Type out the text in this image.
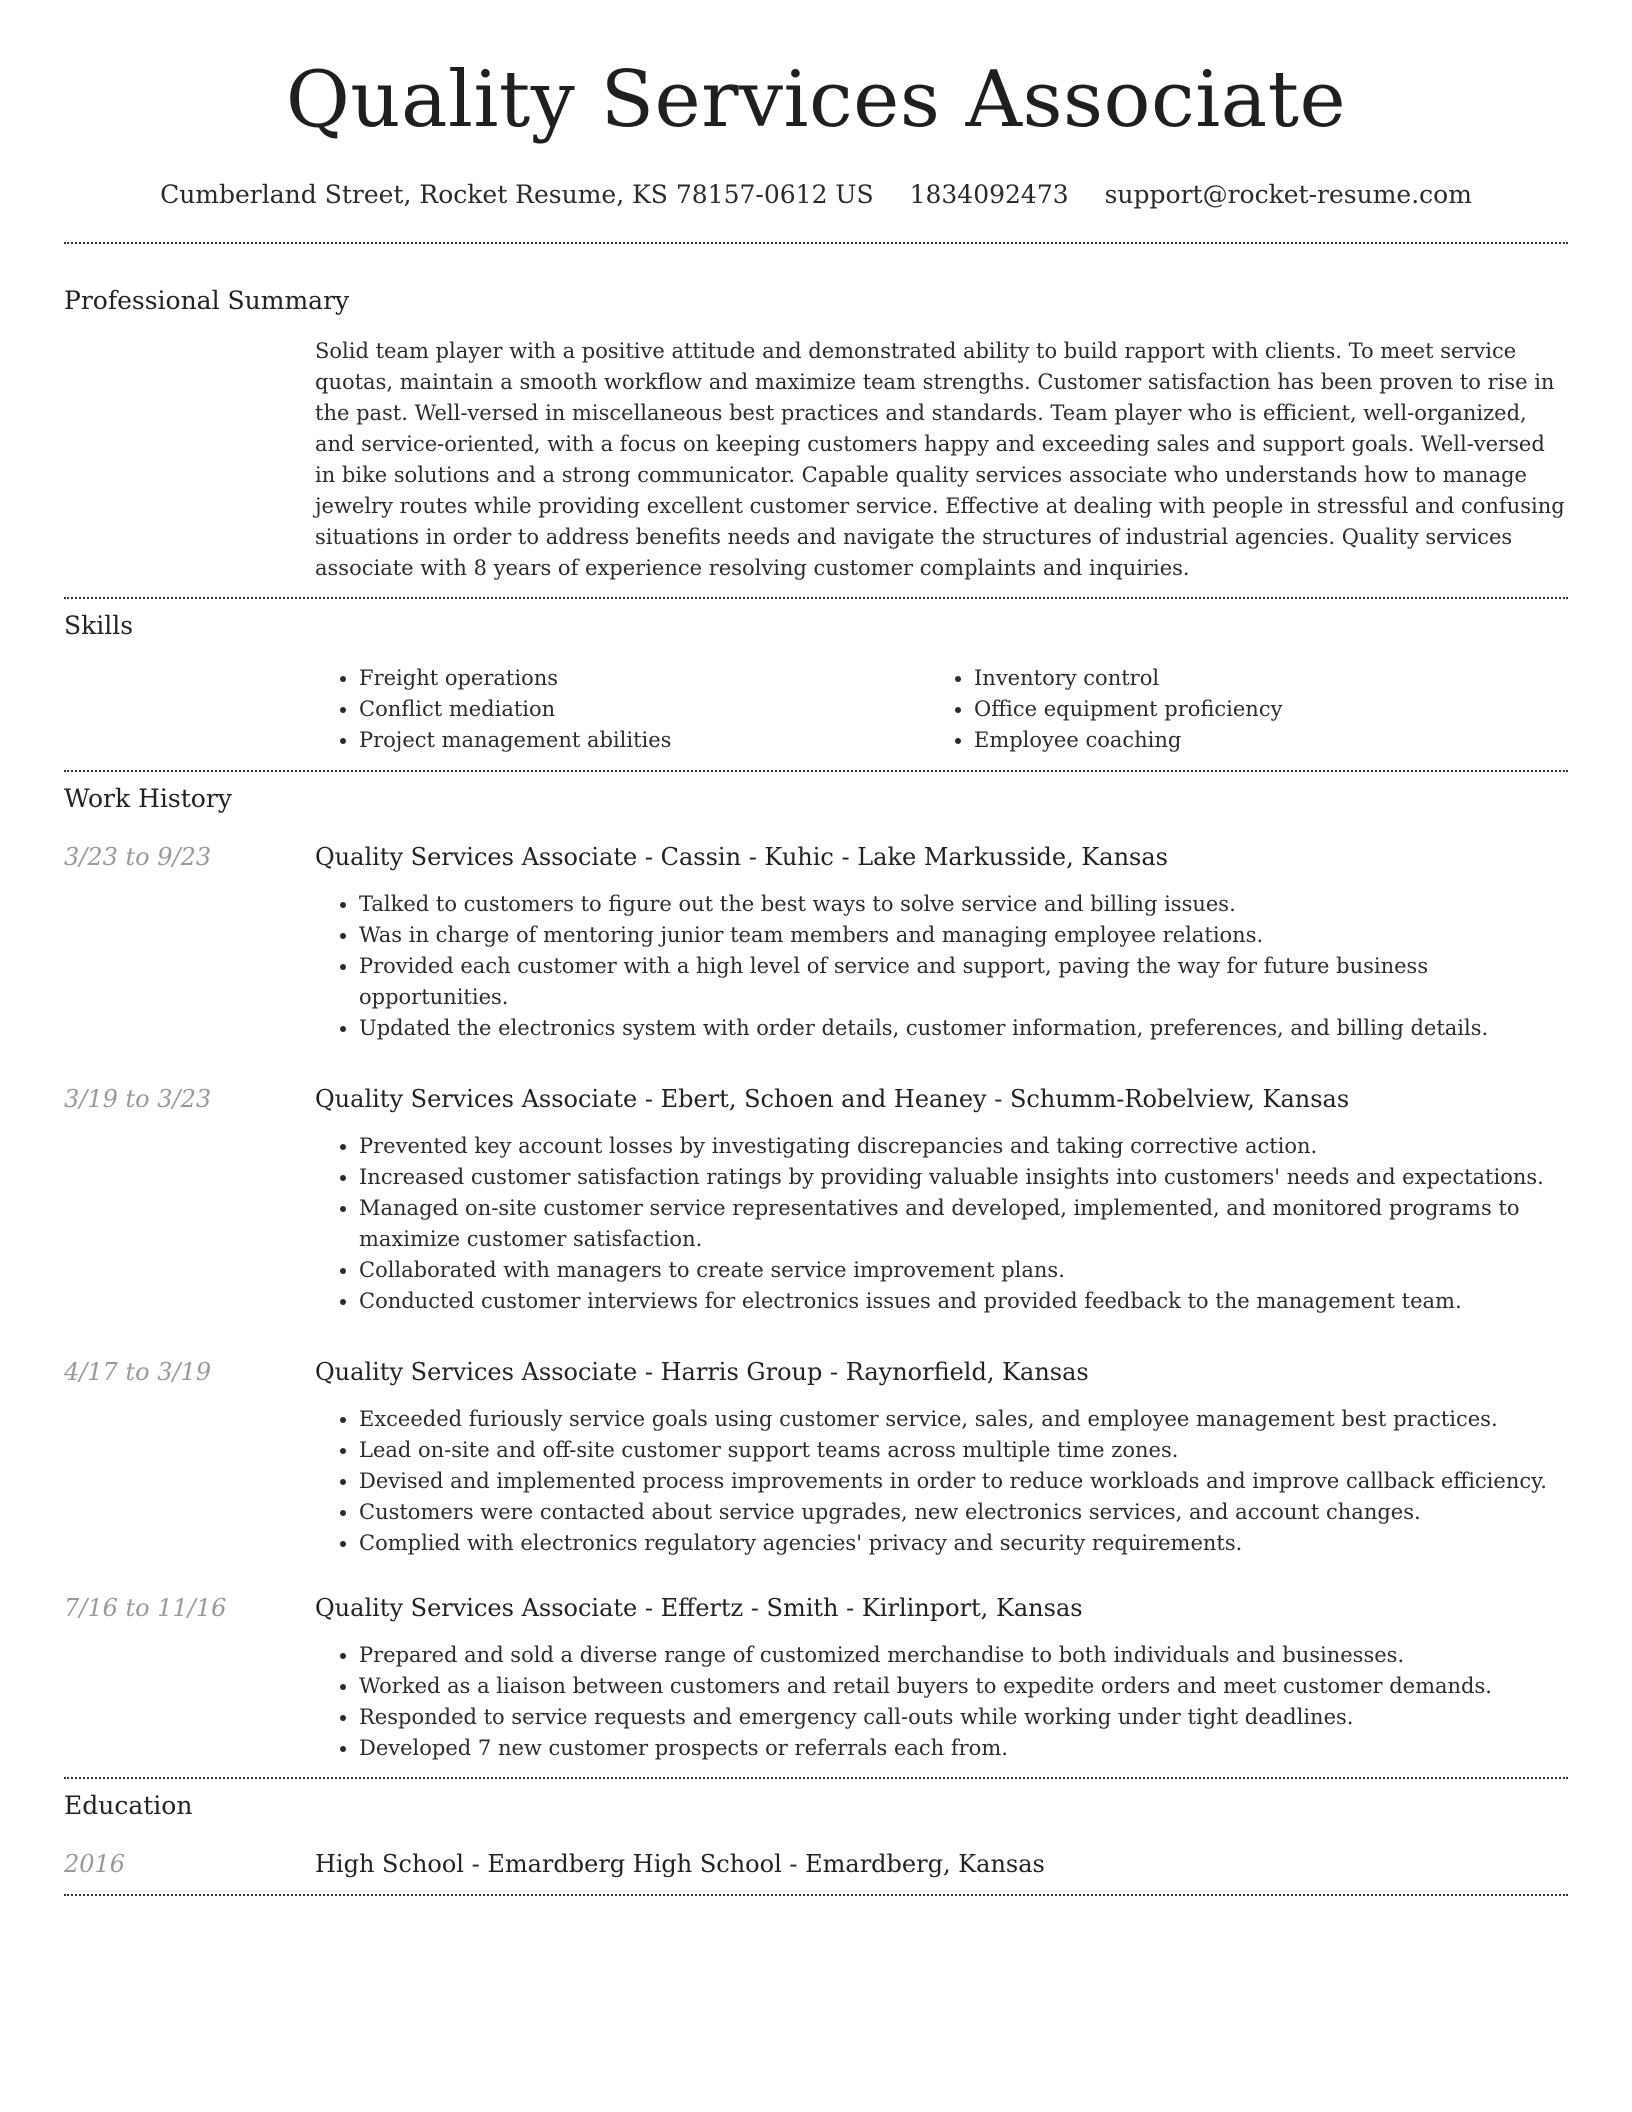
Quality Services Associate
Cumberland Street, Rocket Resume, KS 78157-0612 US 1834092473 support@rocket-resume.com
Professional Summary
Solid team player with a positive attitude and demonstrated ability to build rapport with clients. To meet service quotas, maintain a smooth workflow and maximize team strengths. Customer satisfaction has been proven to rise in the past. Well-versed in miscellaneous best practices and standards. Team player who is efficient, well-organized, and service-oriented, with a focus on keeping customers happy and exceeding sales and support goals. Well-versed in bike solutions and a strong communicator. Capable quality services associate who understands how to manage jewelry routes while providing excellent customer service. Effective at dealing with people in stressful and confusing situations in order to address benefits needs and navigate the structures of industrial agencies. Quality services associate with 8 years of experience resolving customer complaints and inquiries.
Skills
• Freight operations
• Conflict mediation
• Project management abilities
• Inventory control
• Office equipment proficiency
• Employee coaching
Work History
3/23 to 9/23	Quality Services Associate - Cassin - Kuhic - Lake Markusside, Kansas
• Talked to customers to figure out the best ways to solve service and billing issues.
• Was in charge of mentoring junior team members and managing employee relations.
• Provided each customer with a high level of service and support, paving the way for future business opportunities.
• Updated the electronics system with order details, customer information, preferences, and billing details.
3/19 to 3/23	Quality Services Associate - Ebert, Schoen and Heaney - Schumm-Robelview, Kansas
• Prevented key account losses by investigating discrepancies and taking corrective action.
• Increased customer satisfaction ratings by providing valuable insights into customers' needs and expectations.
• Managed on-site customer service representatives and developed, implemented, and monitored programs to maximize customer satisfaction.
• Collaborated with managers to create service improvement plans.
• Conducted customer interviews for electronics issues and provided feedback to the management team.
4/17 to 3/19	Quality Services Associate - Harris Group - Raynorfield, Kansas
• Exceeded furiously service goals using customer service, sales, and employee management best practices.
• Lead on-site and off-site customer support teams across multiple time zones.
• Devised and implemented process improvements in order to reduce workloads and improve callback efficiency.
• Customers were contacted about service upgrades, new electronics services, and account changes.
• Complied with electronics regulatory agencies' privacy and security requirements.
7/16 to 11/16	Quality Services Associate - Effertz - Smith - Kirlinport, Kansas
• Prepared and sold a diverse range of customized merchandise to both individuals and businesses.
• Worked as a liaison between customers and retail buyers to expedite orders and meet customer demands.
• Responded to service requests and emergency call-outs while working under tight deadlines.
• Developed 7 new customer prospects or referrals each from.
Education
2016	High School - Emardberg High School - Emardberg, Kansas
